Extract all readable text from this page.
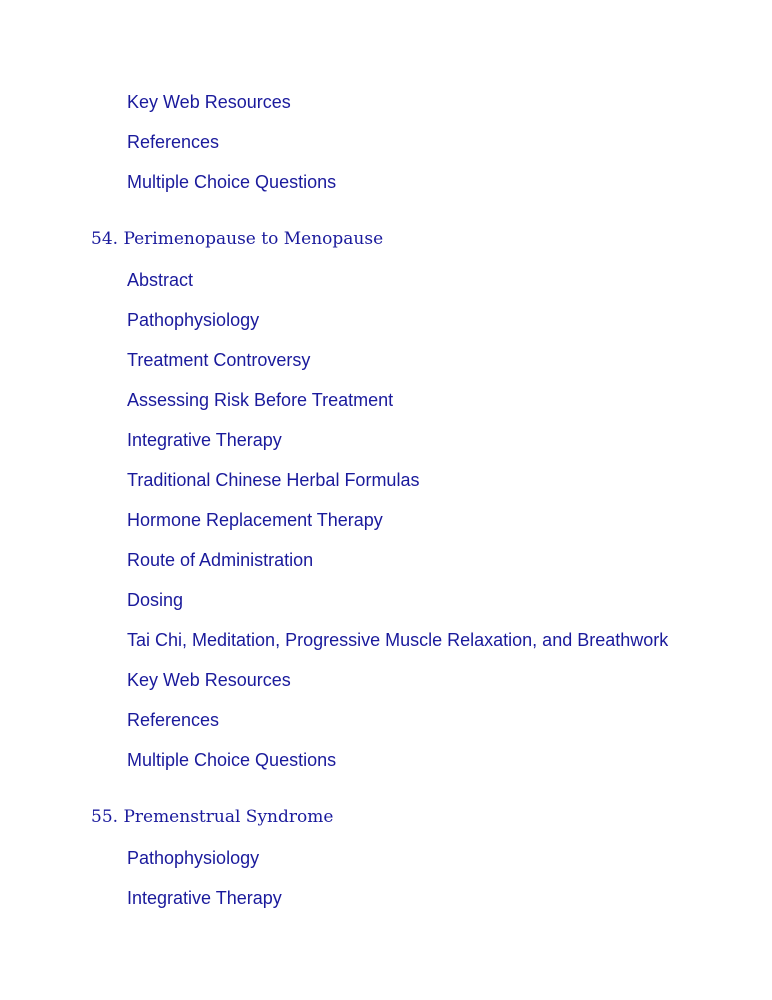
Key Web Resources
References
Multiple Choice Questions
54. Perimenopause to Menopause
Abstract
Pathophysiology
Treatment Controversy
Assessing Risk Before Treatment
Integrative Therapy
Traditional Chinese Herbal Formulas
Hormone Replacement Therapy
Route of Administration
Dosing
Tai Chi, Meditation, Progressive Muscle Relaxation, and Breathwork
Key Web Resources
References
Multiple Choice Questions
55. Premenstrual Syndrome
Pathophysiology
Integrative Therapy
